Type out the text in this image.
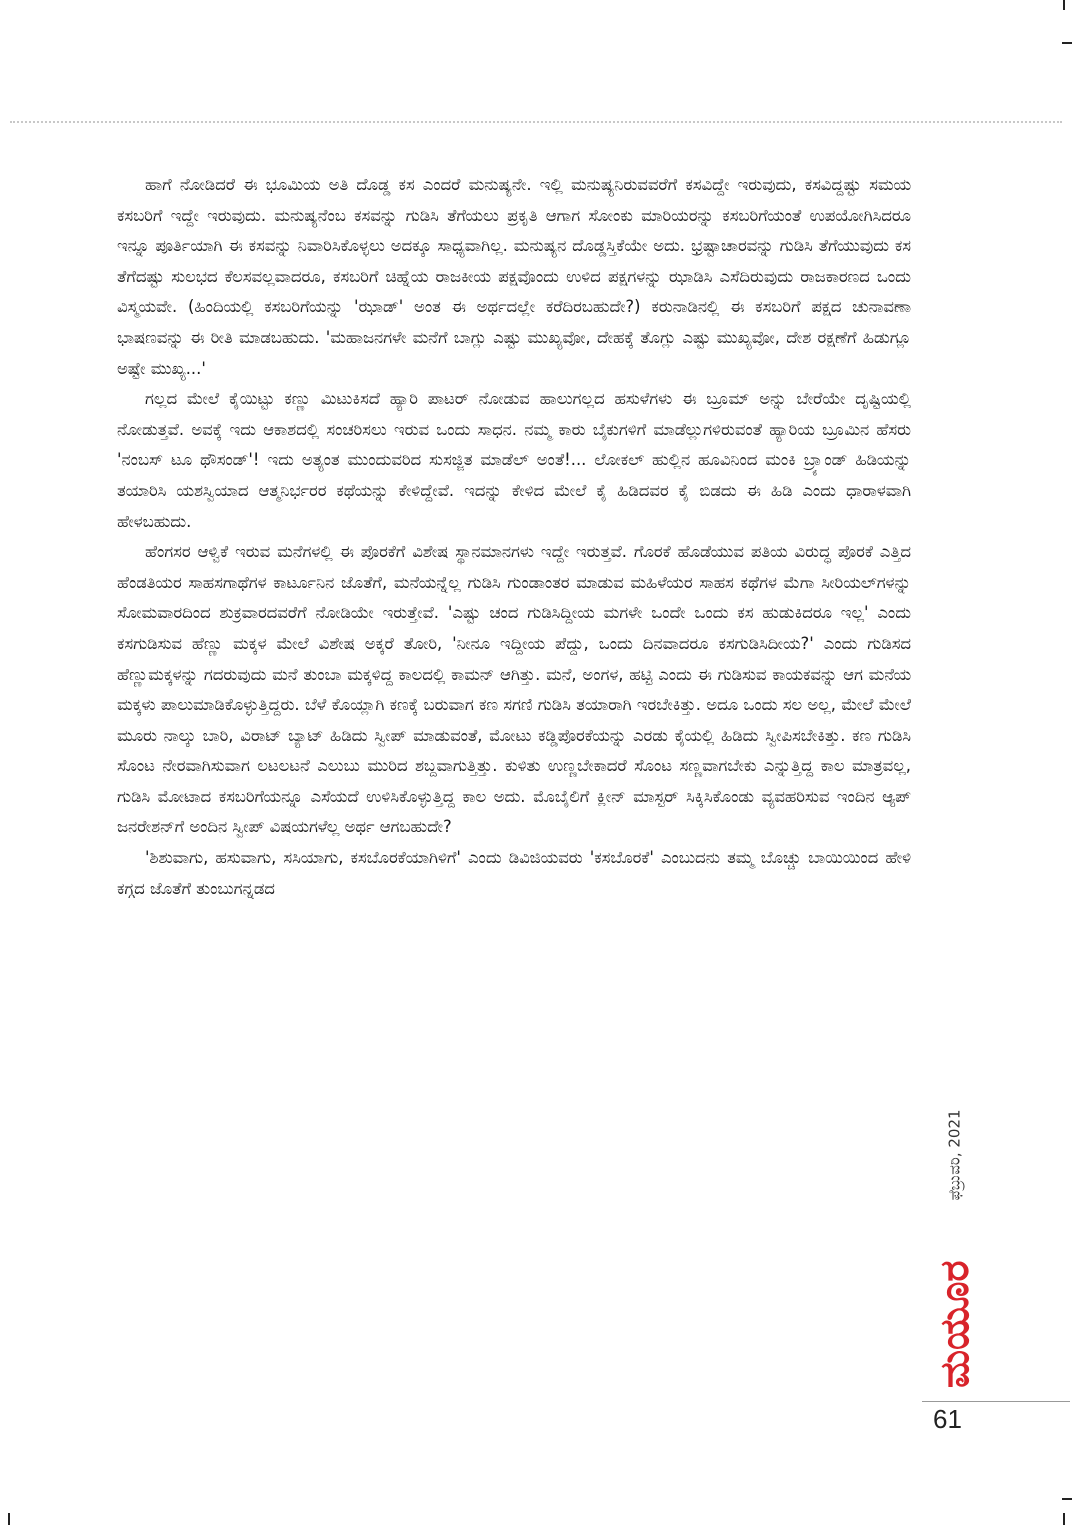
ಹಾಗೆ ನೋಡಿದರೆ ಈ ಭೂಮಿಯ ಅತಿ ದೊಡ್ಡ ಕಸ ಎಂದರೆ ಮನುಷ್ಯನೇ. ಇಲ್ಲಿ ಮನುಷ್ಯನಿರುವವರೆಗೆ ಕಸವಿದ್ದೇ ಇರುವುದು, ಕಸವಿದ್ದಷ್ಟು ಸಮಯ ಕಸಬರಿಗೆ ಇದ್ದೇ ಇರುವುದು. ಮನುಷ್ಯನೆಂಬ ಕಸವನ್ನು ಗುಡಿಸಿ ತೆಗೆಯಲು ಪ್ರಕೃತಿ ಆಗಾಗ ಸೋಂಕು ಮಾರಿಯರನ್ನು ಕಸಬರಿಗೆಯಂತೆ ಉಪಯೋಗಿಸಿದರೂ ಇನ್ನೂ ಪೂರ್ತಿಯಾಗಿ ಈ ಕಸವನ್ನು ನಿವಾರಿಸಿಕೊಳ್ಳಲು ಅದಕ್ಕೂ ಸಾಧ್ಯವಾಗಿಲ್ಲ. ಮನುಷ್ಯನ ದೊಡ್ಡಸ್ತಿಕೆಯೇ ಅದು. ಭ್ರಷ್ಟಾಚಾರವನ್ನು ಗುಡಿಸಿ ತೆಗೆಯುವುದು ಕಸ ತೆಗೆದಷ್ಟು ಸುಲಭದ ಕೆಲಸವಲ್ಲವಾದರೂ, ಕಸಬರಿಗೆ ಚಿಹ್ನೆಯ ರಾಜಕೀಯ ಪಕ್ಷವೊಂದು ಉಳಿದ ಪಕ್ಷಗಳನ್ನು ಝಾಡಿಸಿ ಎಸೆದಿರುವುದು ರಾಜಕಾರಣದ ಒಂದು ವಿಸ್ಮಯವೇ. (ಹಿಂದಿಯಲ್ಲಿ ಕಸಬರಿಗೆಯನ್ನು 'ಝಾಡ್' ಅಂತ ಈ ಅರ್ಥದಲ್ಲೇ ಕರೆದಿರಬಹುದೇ?) ಕರುನಾಡಿನಲ್ಲಿ ಈ ಕಸಬರಿಗೆ ಪಕ್ಷದ ಚುನಾವಣಾ ಭಾಷಣವನ್ನು ಈ ರೀತಿ ಮಾಡಬಹುದು. 'ಮಹಾಜನಗಳೇ ಮನೆಗೆ ಬಾಗ್ಲು ಎಷ್ಟು ಮುಖ್ಯವೋ, ದೇಹಕ್ಕೆ ತೊಗ್ಲು ಎಷ್ಟು ಮುಖ್ಯವೋ, ದೇಶ ರಕ್ಷಣೆಗೆ ಹಿಡುಗ್ಲೂ ಅಷ್ಟೇ ಮುಖ್ಯ...'

ಗಲ್ಲದ ಮೇಲೆ ಕೈಯಿಟ್ಟು ಕಣ್ಣು ಮಿಟುಕಿಸದೆ ಹ್ಯಾರಿ ಪಾಟರ್ ನೋಡುವ ಹಾಲುಗಲ್ಲದ ಹಸುಳೆಗಳು ಈ ಬ್ರೂಮ್ ಅನ್ನು ಬೇರೆಯೇ ದೃಷ್ಟಿಯಲ್ಲಿ ನೋಡುತ್ತವೆ. ಅವಕ್ಕೆ ಇದು ಆಕಾಶದಲ್ಲಿ ಸಂಚರಿಸಲು ಇರುವ ಒಂದು ಸಾಧನ. ನಮ್ಮ ಕಾರು ಬೈಕುಗಳಿಗೆ ಮಾಡೆಲ್ಲುಗಳಿರುವಂತೆ ಹ್ಯಾರಿಯ ಬ್ರೂಮಿನ ಹೆಸರು 'ನಂಬಸ್ ಟೂ ಥೌಸಂಡ್'! ಇದು ಅತ್ಯಂತ ಮುಂದುವರಿದ ಸುಸಜ್ಜಿತ ಮಾಡೆಲ್ ಅಂತೆ!... ಲೋಕಲ್ ಹುಲ್ಲಿನ ಹೂವಿನಿಂದ ಮಂಕಿ ಬ್ರ್ಯಾಂಡ್ ಹಿಡಿಯನ್ನು ತಯಾರಿಸಿ ಯಶಸ್ವಿಯಾದ ಆತ್ಮನಿರ್ಭರರ ಕಥೆಯನ್ನು ಕೇಳಿದ್ದೇವೆ. ಇದನ್ನು ಕೇಳಿದ ಮೇಲೆ ಕೈ ಹಿಡಿದವರ ಕೈ ಬಿಡದು ಈ ಹಿಡಿ ಎಂದು ಧಾರಾಳವಾಗಿ ಹೇಳಬಹುದು.

ಹೆಂಗಸರ ಆಳ್ವಿಕೆ ಇರುವ ಮನೆಗಳಲ್ಲಿ ಈ ಪೊರಕೆಗೆ ವಿಶೇಷ ಸ್ಥಾನಮಾನಗಳು ಇದ್ದೇ ಇರುತ್ತವೆ. ಗೊರಕೆ ಹೊಡೆಯುವ ಪತಿಯ ವಿರುದ್ಧ ಪೊರಕೆ ಎತ್ತಿದ ಹೆಂಡತಿಯರ ಸಾಹಸಗಾಥೆಗಳ ಕಾರ್ಟೂನಿನ ಜೊತೆಗೆ, ಮನೆಯನ್ನೆಲ್ಲ ಗುಡಿಸಿ ಗುಂಡಾಂತರ ಮಾಡುವ ಮಹಿಳೆಯರ ಸಾಹಸ ಕಥೆಗಳ ಮೆಗಾ ಸೀರಿಯಲ್‌ಗಳನ್ನು ಸೋಮವಾರದಿಂದ ಶುಕ್ರವಾರದವರೆಗೆ ನೋಡಿಯೇ ಇರುತ್ತೇವೆ. 'ಎಷ್ಟು ಚಂದ ಗುಡಿಸಿದ್ದೀಯ ಮಗಳೇ ಒಂದೇ ಒಂದು ಕಸ ಹುಡುಕಿದರೂ ಇಲ್ಲ' ಎಂದು ಕಸಗುಡಿಸುವ ಹೆಣ್ಣು ಮಕ್ಕಳ ಮೇಲೆ ವಿಶೇಷ ಅಕ್ಕರೆ ತೋರಿ, 'ನೀನೂ ಇದ್ದೀಯ ಪೆದ್ದು, ಒಂದು ದಿನವಾದರೂ ಕಸಗುಡಿಸಿದೀಯ?' ಎಂದು ಗುಡಿಸದ ಹೆಣ್ಣುಮಕ್ಕಳನ್ನು ಗದರುವುದು ಮನೆ ತುಂಬಾ ಮಕ್ಕಳಿದ್ದ ಕಾಲದಲ್ಲಿ ಕಾಮನ್ ಆಗಿತ್ತು. ಮನೆ, ಅಂಗಳ, ಹಟ್ಟಿ ಎಂದು ಈ ಗುಡಿಸುವ ಕಾಯಕವನ್ನು ಆಗ ಮನೆಯ ಮಕ್ಕಳು ಪಾಲುಮಾಡಿಕೊಳ್ಳುತ್ತಿದ್ದರು. ಬೆಳೆ ಕೊಯ್ಲಾಗಿ ಕಣಕ್ಕೆ ಬರುವಾಗ ಕಣ ಸಗಣಿ ಗುಡಿಸಿ ತಯಾರಾಗಿ ಇರಬೇಕಿತ್ತು. ಅದೂ ಒಂದು ಸಲ ಅಲ್ಲ, ಮೇಲೆ ಮೇಲೆ ಮೂರು ನಾಲ್ಕು ಬಾರಿ, ವಿರಾಟ್ ಬ್ಯಾಟ್ ಹಿಡಿದು ಸ್ವೀಪ್ ಮಾಡುವಂತೆ, ಮೋಟು ಕಡ್ಡಿಪೊರಕೆಯನ್ನು ಎರಡು ಕೈಯಲ್ಲಿ ಹಿಡಿದು ಸ್ವೀಪಿಸಬೇಕಿತ್ತು. ಕಣ ಗುಡಿಸಿ ಸೊಂಟ ನೇರವಾಗಿಸುವಾಗ ಲಟಲಟನೆ ಎಲುಬು ಮುರಿದ ಶಬ್ದವಾಗುತ್ತಿತ್ತು. ಕುಳಿತು ಉಣ್ಣಬೇಕಾದರೆ ಸೊಂಟ ಸಣ್ಣವಾಗಬೇಕು ಎನ್ನುತ್ತಿದ್ದ ಕಾಲ ಮಾತ್ರವಲ್ಲ, ಗುಡಿಸಿ ಮೋಟಾದ ಕಸಬರಿಗೆಯನ್ನೂ ಎಸೆಯದೆ ಉಳಿಸಿಕೊಳ್ಳುತ್ತಿದ್ದ ಕಾಲ ಅದು. ಮೊಬೈಲಿಗೆ ಕ್ಲೀನ್ ಮಾಸ್ಟರ್ ಸಿಕ್ಕಿಸಿಕೊಂಡು ವ್ಯವಹರಿಸುವ ಇಂದಿನ ಆ್ಯಪ್ ಜನರೇಶನ್‌ಗೆ ಅಂದಿನ ಸ್ವೀಪ್ ವಿಷಯಗಳೆಲ್ಲ ಅರ್ಥ ಆಗಬಹುದೇ?

'ಶಿಶುವಾಗು, ಹಸುವಾಗು, ಸಸಿಯಾಗು, ಕಸಬೊರಕೆಯಾಗಿಳಿಗೆ' ಎಂದು ಡಿವಿಜಿಯವರು 'ಕಸಬೊರಕೆ' ಎಂಬುದನು ತಮ್ಮ ಬೊಚ್ಚು ಬಾಯಿಯಿಂದ ಹೇಳಿ ಕಗ್ಗದ ಜೊತೆಗೆ ತುಂಬುಗನ್ನಡದ

ಫೆಬ್ರುವರಿ, 2021
ಮಯೂರ
61
